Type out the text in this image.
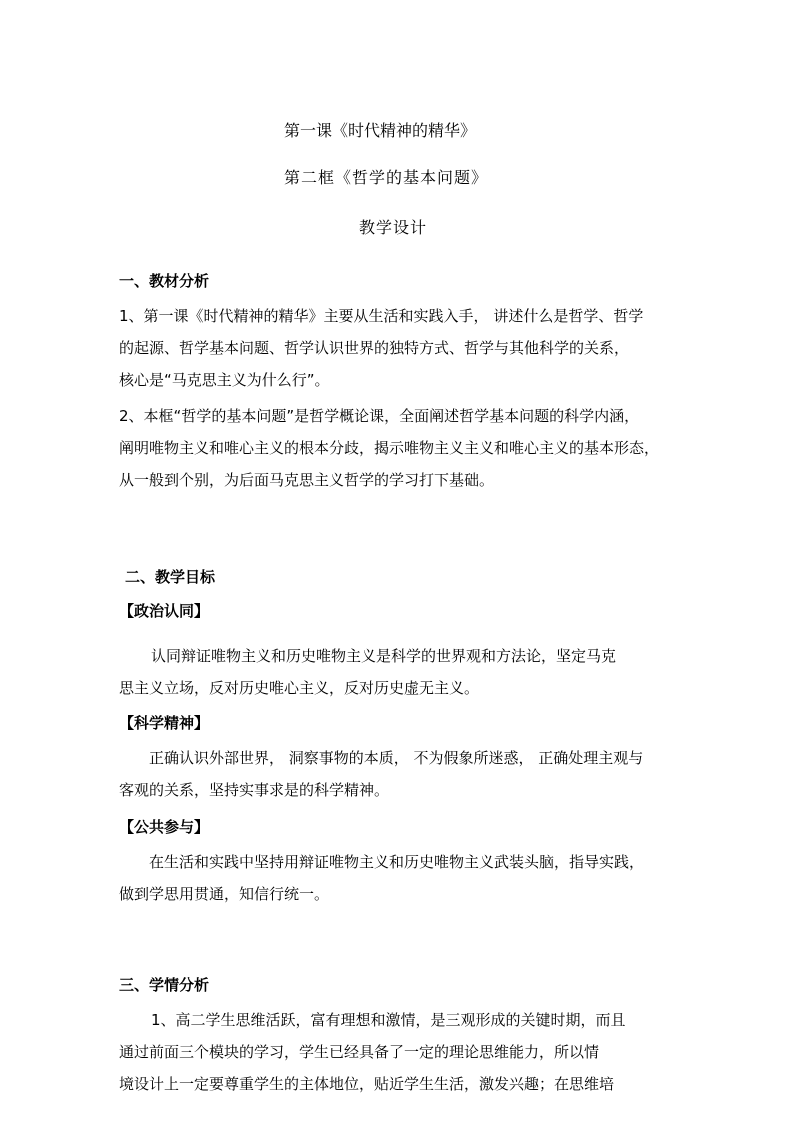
第一课《时代精神的精华》
第二框《哲学的基本问题》
教学设计
一、教材分析
1、第一课《时代精神的精华》主要从生活和实践入手， 讲述什么是哲学、哲学
的起源、哲学基本问题、哲学认识世界的独特方式、哲学与其他科学的关系，
核心是“马克思主义为什么行”。
2、本框“哲学的基本问题”是哲学概论课，全面阐述哲学基本问题的科学内涵，
阐明唯物主义和唯心主义的根本分歧，揭示唯物主义主义和唯心主义的基本形态，
从一般到个别，为后面马克思主义哲学的学习打下基础。
二、教学目标
【政治认同】
认同辩证唯物主义和历史唯物主义是科学的世界观和方法论，坚定马克
思主义立场，反对历史唯心主义，反对历史虚无主义。
【科学精神】
正确认识外部世界， 洞察事物的本质， 不为假象所迷惑， 正确处理主观与
客观的关系，坚持实事求是的科学精神。
【公共参与】
在生活和实践中坚持用辩证唯物主义和历史唯物主义武装头脑，指导实践，
做到学思用贯通，知信行统一。
三、学情分析
1、高二学生思维活跃，富有理想和激情，是三观形成的关键时期，而且
通过前面三个模块的学习，学生已经具备了一定的理论思维能力，所以情
境设计上一定要尊重学生的主体地位，贴近学生生活，激发兴趣；在思维培
